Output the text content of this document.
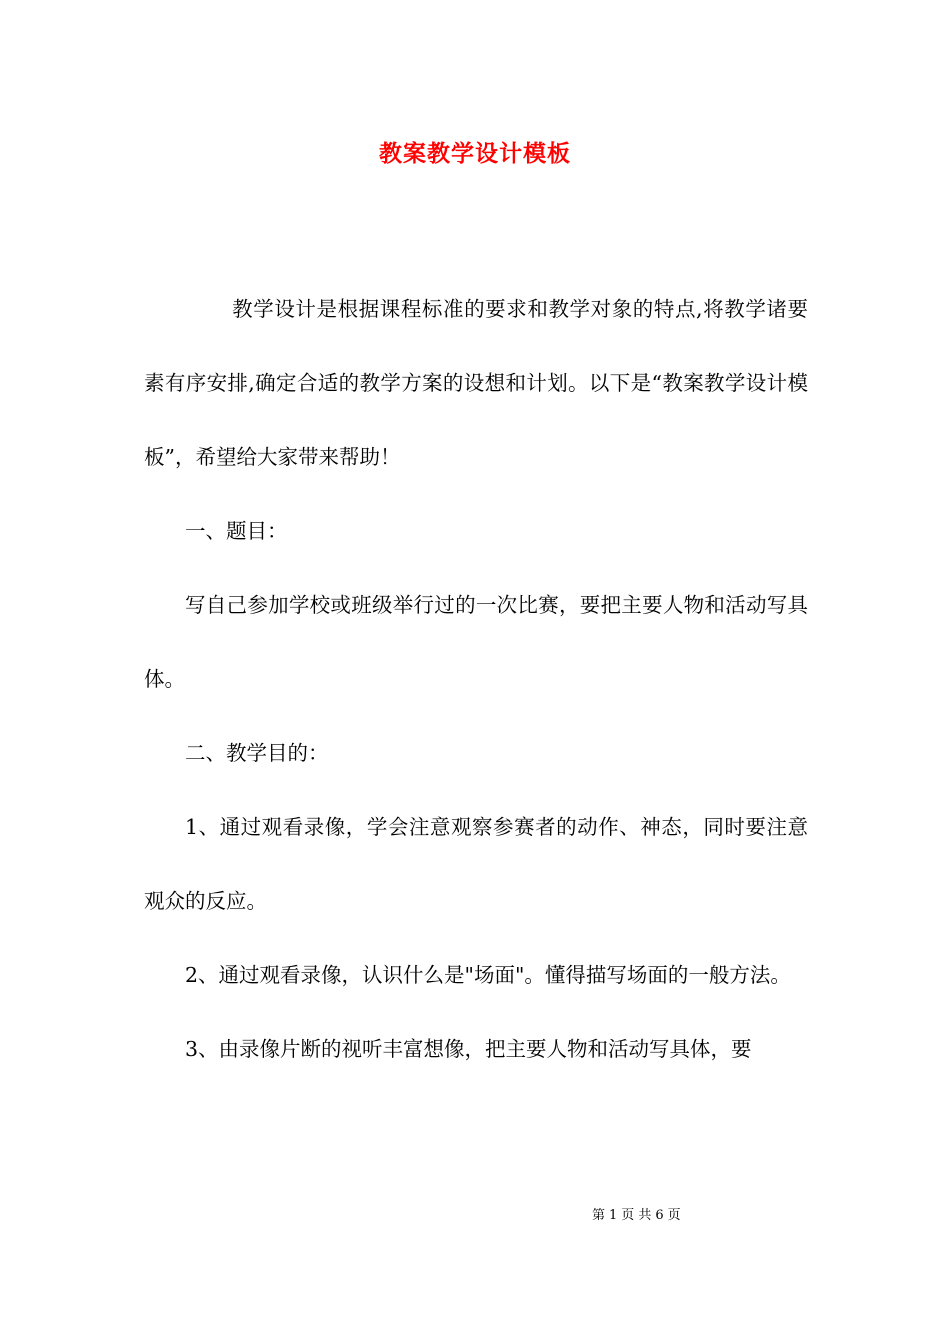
教案教学设计模板

教学设计是根据课程标准的要求和教学对象的特点,将教学诸要素有序安排,确定合适的教学方案的设想和计划。以下是“教案教学设计模板”，希望给大家带来帮助！

一、题目：

写自己参加学校或班级举行过的一次比赛，要把主要人物和活动写具体。

二、教学目的：

1、通过观看录像，学会注意观察参赛者的动作、神态，同时要注意观众的反应。

2、通过观看录像，认识什么是"场面"。懂得描写场面的一般方法。

3、由录像片断的视听丰富想像，把主要人物和活动写具体，要

第 1 页 共 6 页
